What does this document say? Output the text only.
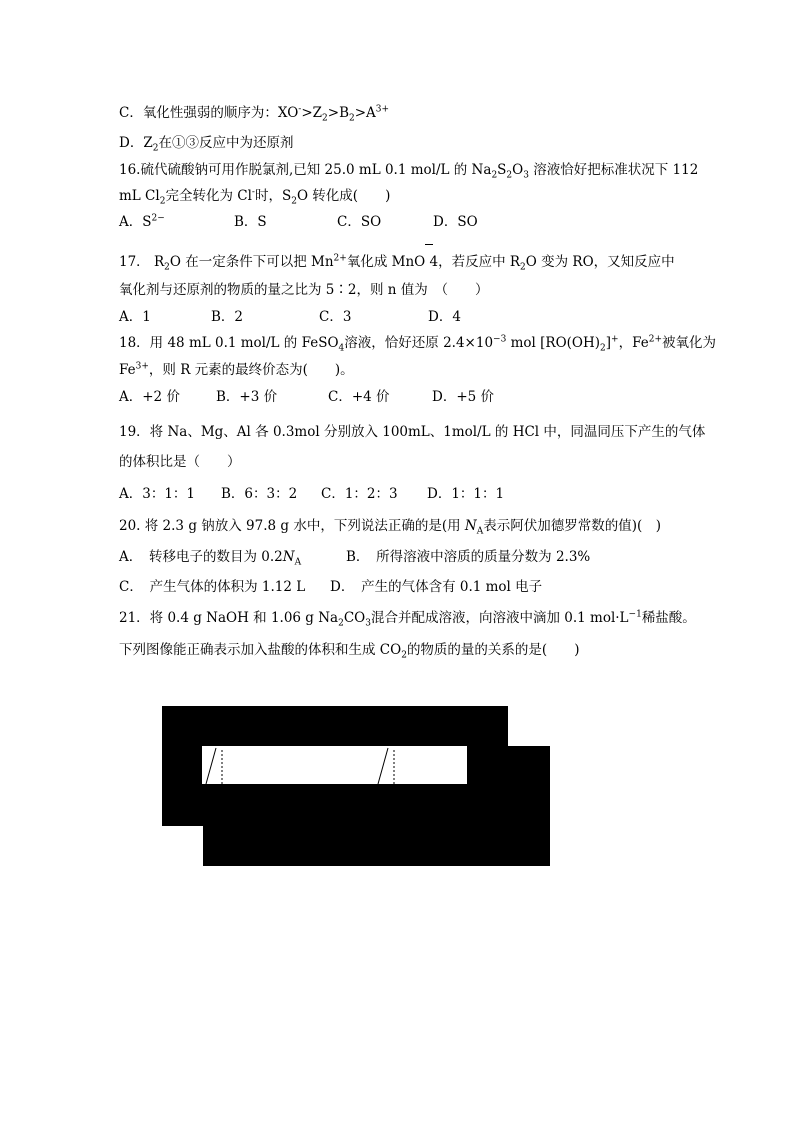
C．氧化性强弱的顺序为：$XO^->Z_2>B_2>A^{3+}$
D．$Z_2$在①③反应中为还原剂
16.硫代硫酸钠可用作脱氯剂,已知 25.0 mL 0.1 mol/L 的 $Na_2S_2O_3$ 溶液恰好把标准状况下 112
mL $Cl_2$完全转化为 Cl-时，$S_2O$ 转化成(　　)
A．$S^{2-}$	B．S	C．SO	D．SO
17． $R_2O$ 在一定条件下可以把 $Mn^{2+}$氧化成 MnO 4，若反应中 $R_2O$ 变为 RO，又知反应中
氧化剂与还原剂的物质的量之比为 5∶2，则 n 值为　（　　）
A．1	B．2	C．3	D．4
18．用 48 mL 0.1 mol/L 的 FeSO$_4$溶液，恰好还原 $2.4\times 10^{-3}$ mol $[RO(OH)_2]^+$，$Fe^{2+}$被氧化为
$Fe^{3+}$，则 R 元素的最终价态为(　　)。
A．+2 价	B．+3 价	C．+4 价	D．+5 价
19．将 Na、Mg、Al 各 0.3mol 分别放入 100mL、1mol/L 的 HCl 中，同温同压下产生的气体
的体积比是（　　）
A．3：1：1 B．6：3：2 C．1：2：3 D．1：1：1
20. 将 2.3 g 钠放入 97.8 g 水中，下列说法正确的是(用 $N_A$表示阿伏加德罗常数的值)(　)
A．　转移电子的数目为 $0.2N_A$	B．　所得溶液中溶质的质量分数为 2.3%
C．　产生气体的体积为 1.12 L D．　产生的气体含有 0.1 mol 电子
21．将 0.4 g NaOH 和 1.06 g $Na_2CO_3$混合并配成溶液，向溶液中滴加 0.1 $mol\cdot L^{-1}$稀盐酸。
下列图像能正确表示加入盐酸的体积和生成 $CO_2$的物质的量的关系的是(　　)
